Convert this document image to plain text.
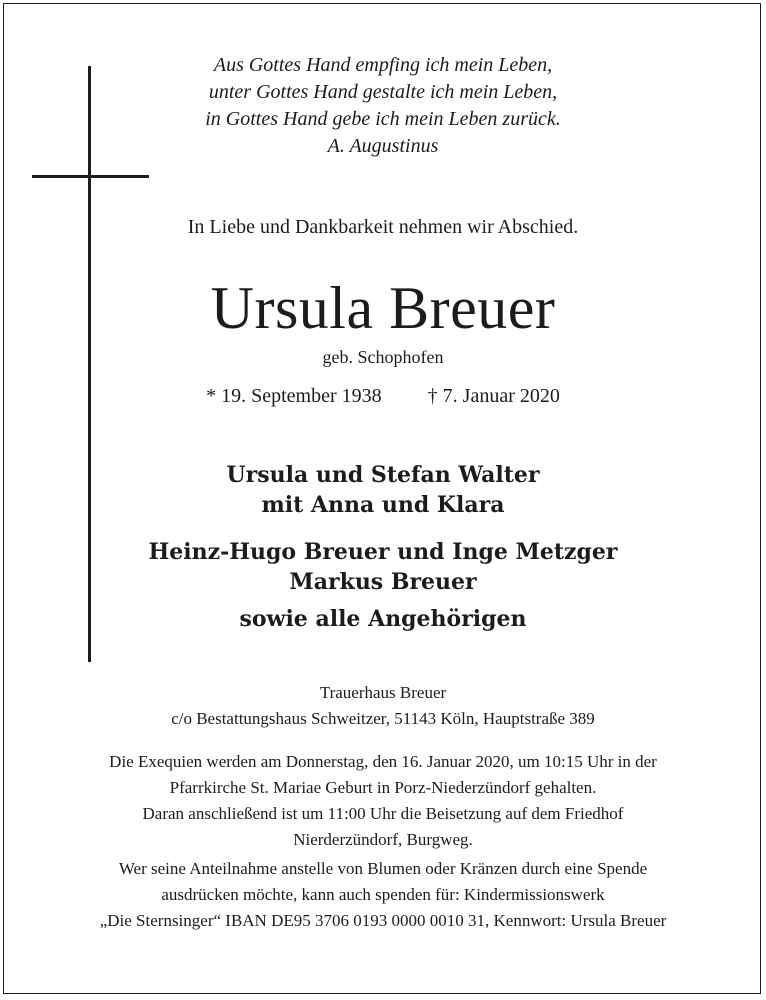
Aus Gottes Hand empfing ich mein Leben,
unter Gottes Hand gestalte ich mein Leben,
in Gottes Hand gebe ich mein Leben zurück.
A. Augustinus
In Liebe und Dankbarkeit nehmen wir Abschied.
Ursula Breuer
geb. Schophofen
* 19. September 1938 † 7. Januar 2020
Ursula und Stefan Walter
mit Anna und Klara
Heinz-Hugo Breuer und Inge Metzger
Markus Breuer
sowie alle Angehörigen
Trauerhaus Breuer
c/o Bestattungshaus Schweitzer, 51143 Köln, Hauptstraße 389
Die Exequien werden am Donnerstag, den 16. Januar 2020, um 10:15 Uhr in der
Pfarrkirche St. Mariae Geburt in Porz-Niederzündorf gehalten.
Daran anschließend ist um 11:00 Uhr die Beisetzung auf dem Friedhof
Nierderzündorf, Burgweg.
Wer seine Anteilnahme anstelle von Blumen oder Kränzen durch eine Spende
ausdrücken möchte, kann auch spenden für: Kindermissionswerk
„Die Sternsinger“ IBAN DE95 3706 0193 0000 0010 31, Kennwort: Ursula Breuer
